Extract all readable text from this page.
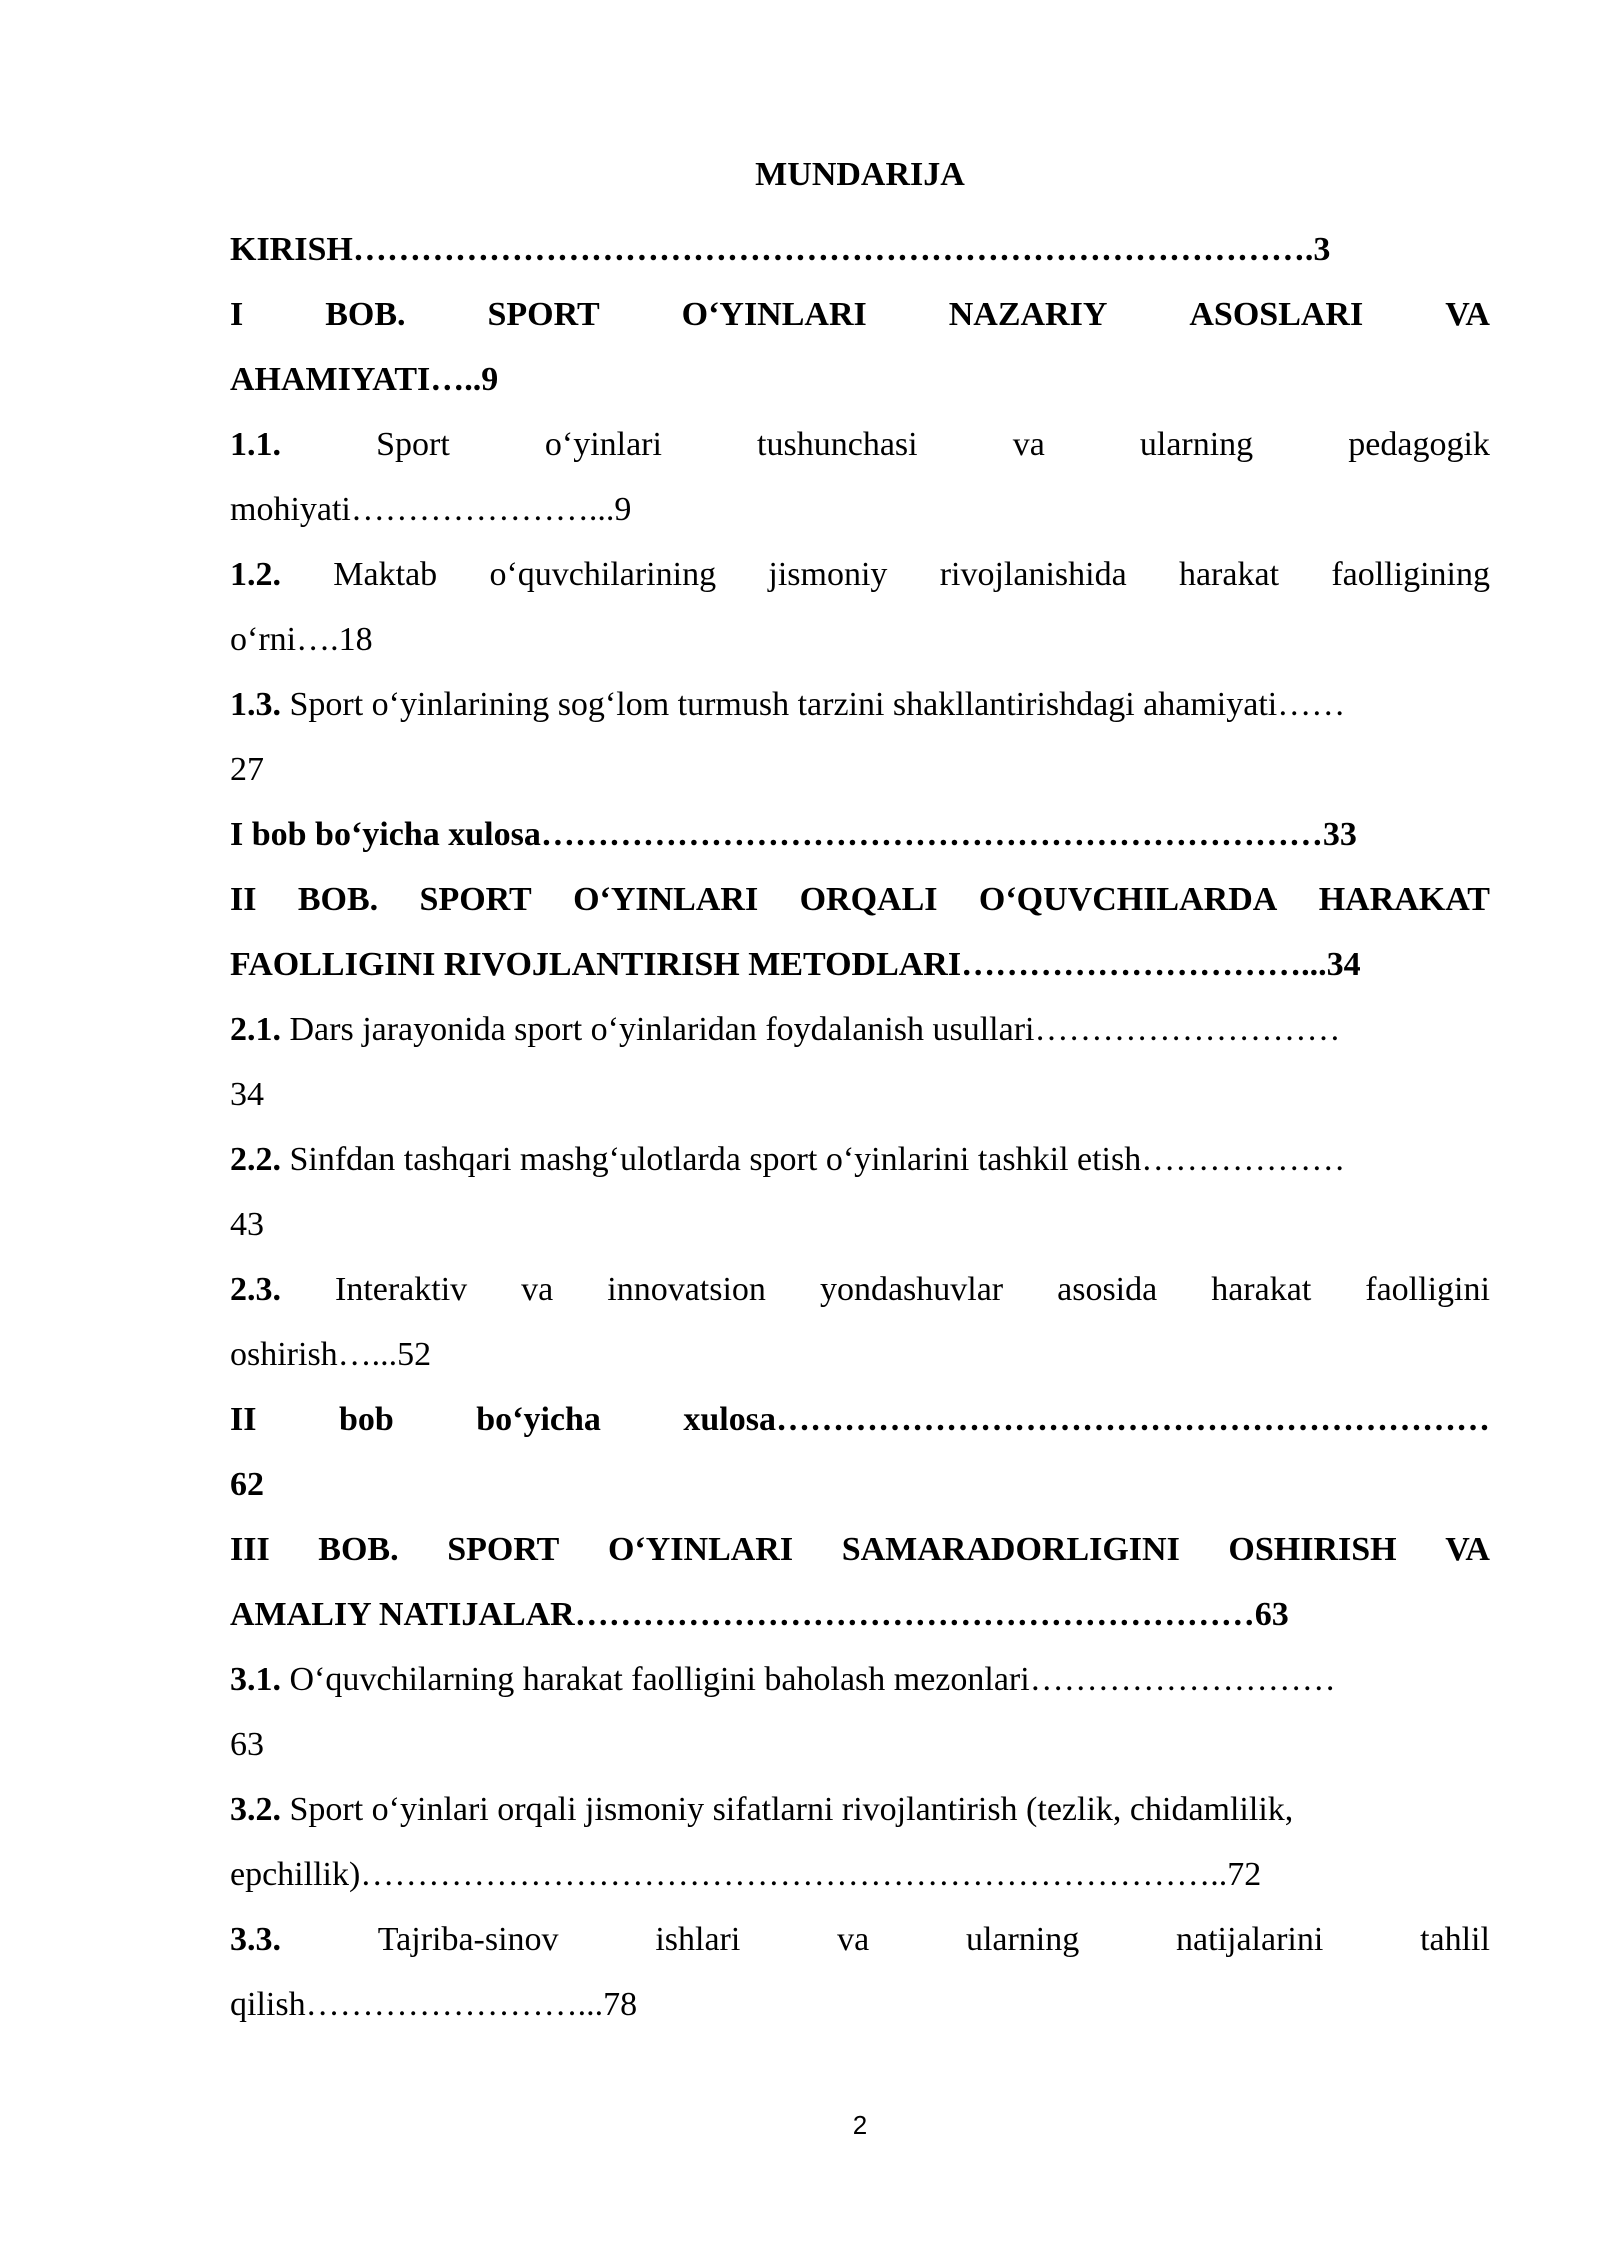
MUNDARIJA
KIRISH………………………………………………………………………….3
I BOB. SPORT O‘YINLARI NAZARIY ASOSLARI VA
AHAMIYATI…..9
1.1.	Sport	o‘yinlari	tushunchasi	va	ularning	pedagogik
mohiyati…………………...9
1.2. Maktab o‘quvchilarining jismoniy rivojlanishida harakat faolligining
o‘rni….18
1.3. Sport o‘yinlarining sog‘lom turmush tarzini shakllantirishdagi ahamiyati……
27
I bob bo‘yicha xulosa……………………………………………………………33
II BOB. SPORT O‘YINLARI ORQALI O‘QUVCHILARDA HARAKAT
FAOLLIGINI RIVOJLANTIRISH METODLARI…………………………...34
2.1. Dars jarayonida sport o‘yinlaridan foydalanish usullari………………………
34
2.2. Sinfdan tashqari mashg‘ulotlarda sport o‘yinlarini tashkil etish………………
43
2.3. Interaktiv va innovatsion yondashuvlar asosida harakat faolligini
oshirish…...52
II bob bo‘yicha xulosa………………………………………………………
62
III BOB. SPORT O‘YINLARI SAMARADORLIGINI OSHIRISH VA
AMALIY NATIJALAR……………………………………………………63
3.1. O‘quvchilarning harakat faolligini baholash mezonlari………………………
63
3.2. Sport o‘yinlari orqali jismoniy sifatlarni rivojlantirish (tezlik, chidamlilik,
epchillik)…………………………………………………………………..72
3.3.	Tajriba-sinov	ishlari	va	ularning	natijalarini	tahlil
qilish……………………...78
2
